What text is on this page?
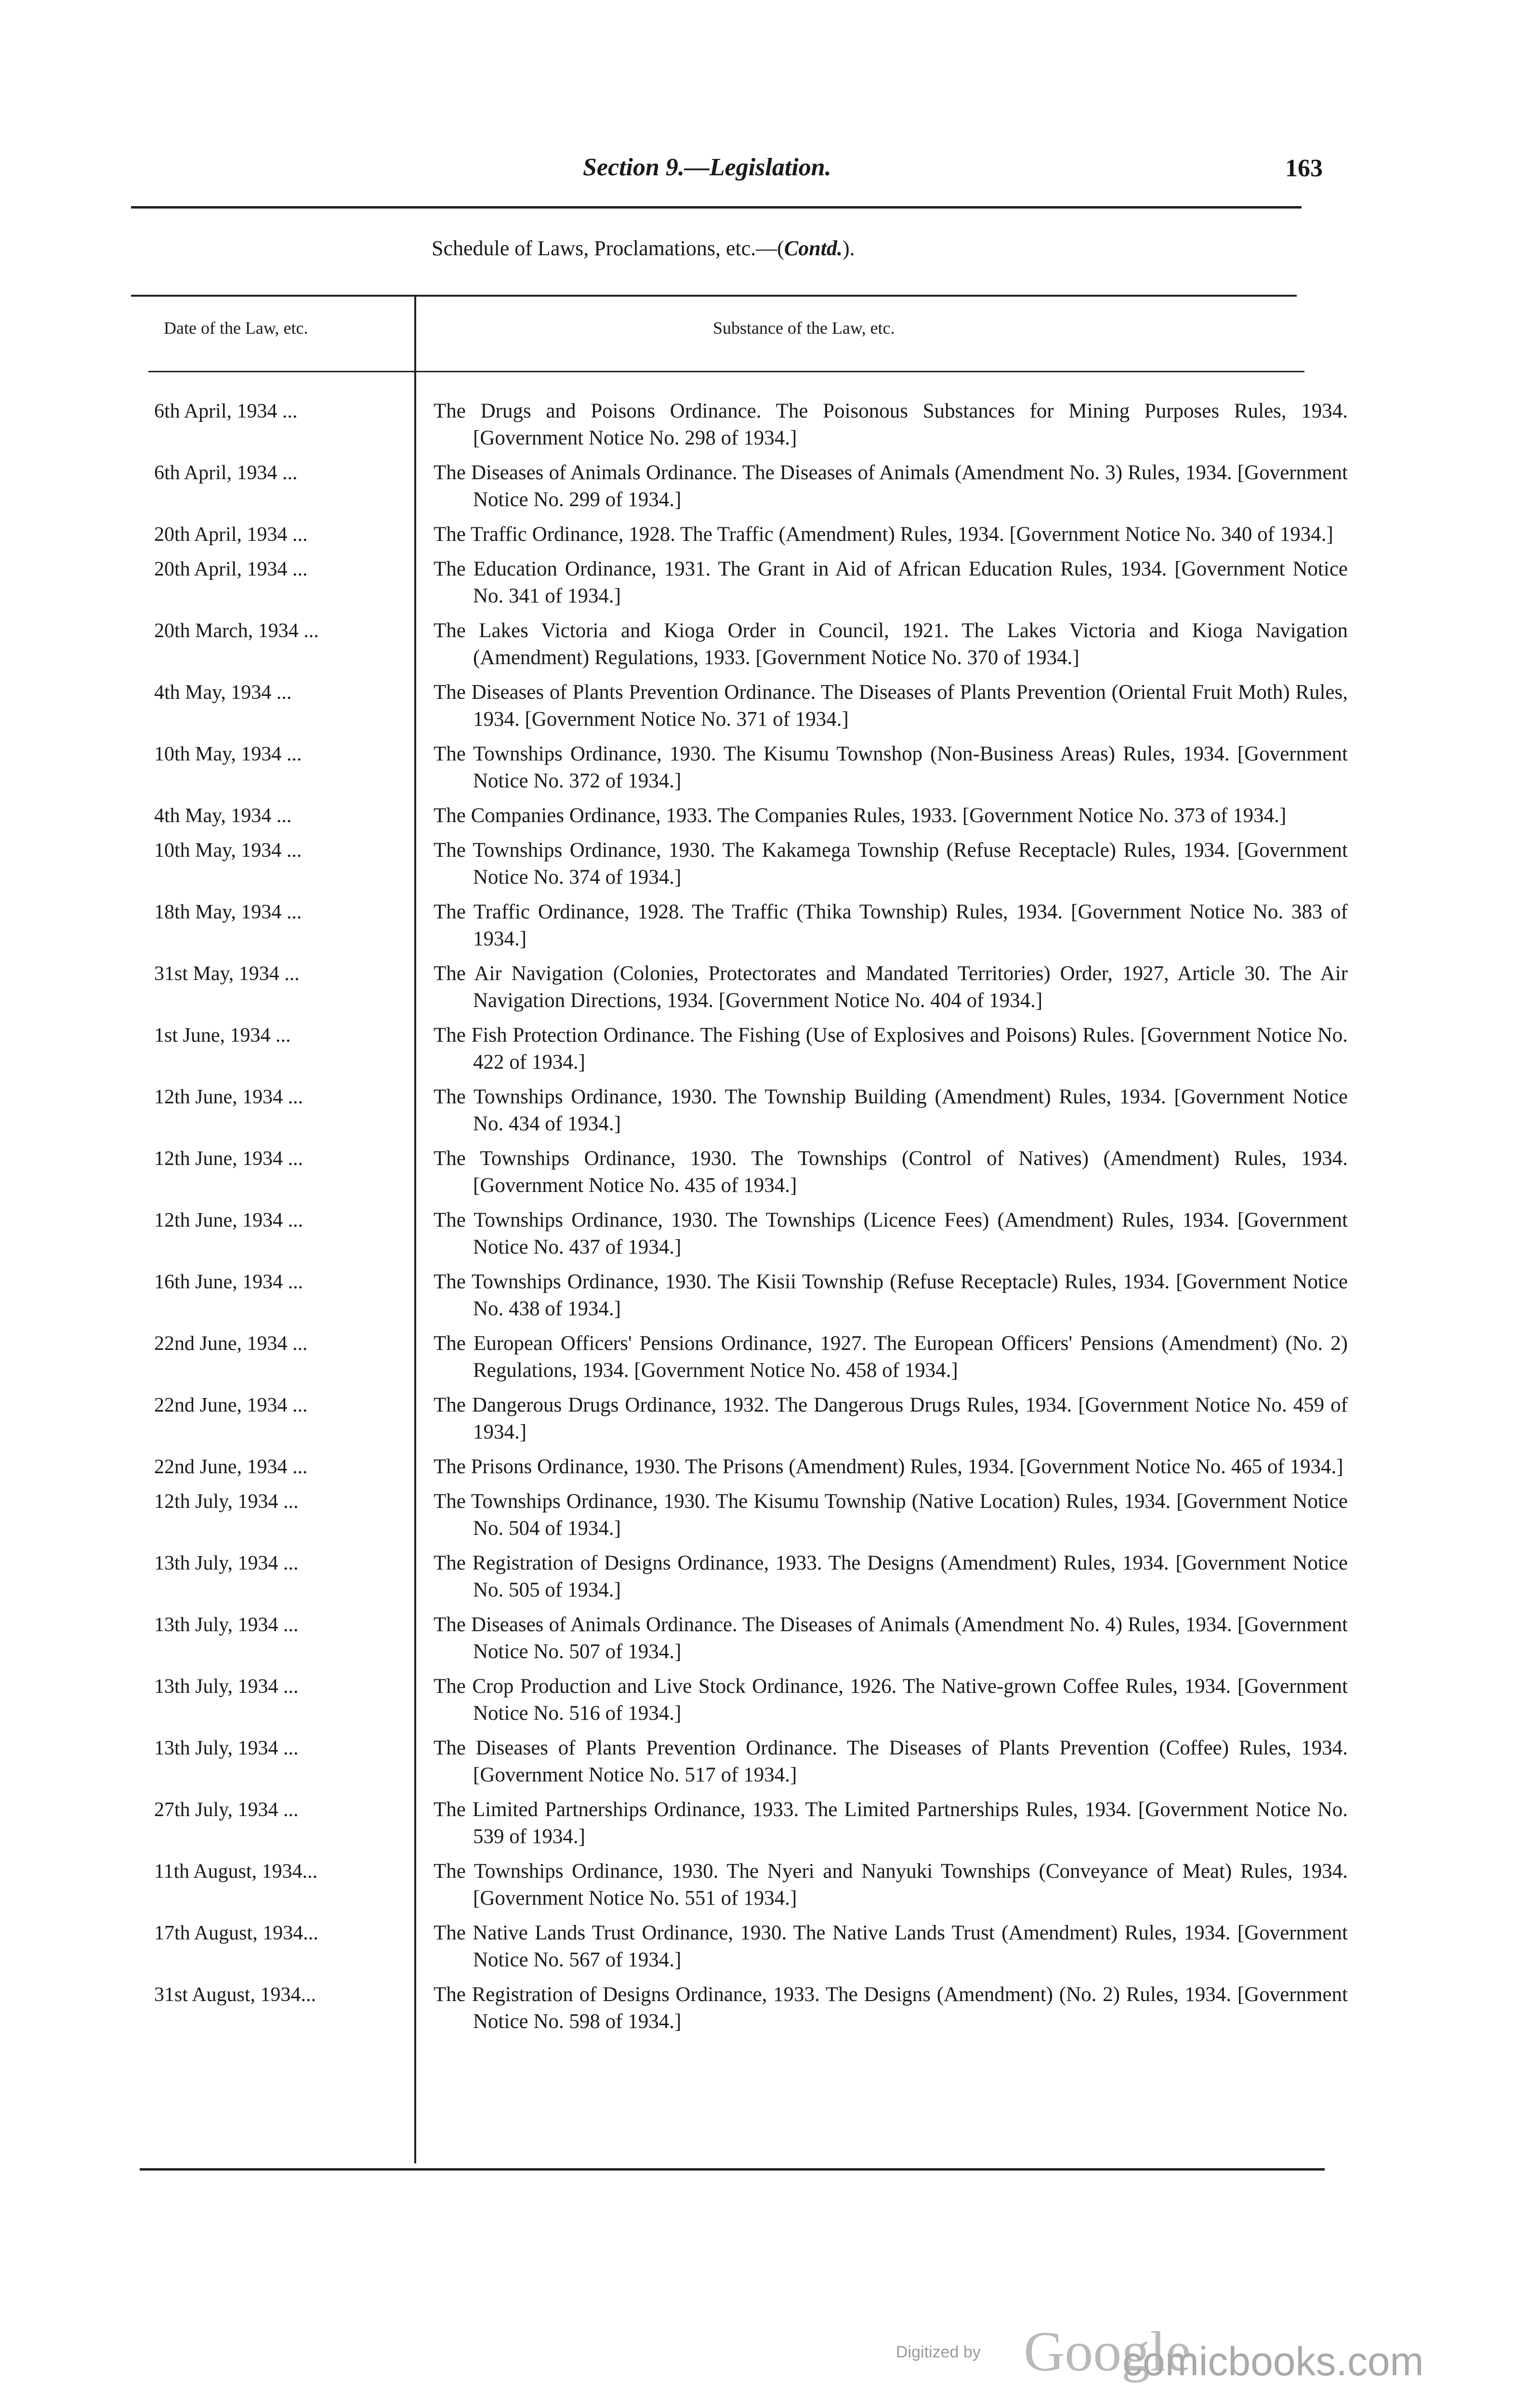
Section 9.—Legislation.	163
Schedule of Laws, Proclamations, etc.—(Contd.).
Date of the Law, etc.	Substance of the Law, etc.
6th April, 1934 ...	The Drugs and Poisons Ordinance. The Poisonous Substances for Mining Purposes Rules, 1934. [Government Notice No. 298 of 1934.]
6th April, 1934 ...	The Diseases of Animals Ordinance. The Diseases of Animals (Amendment No. 3) Rules, 1934. [Government Notice No. 299 of 1934.]
20th April, 1934 ...	The Traffic Ordinance, 1928. The Traffic (Amendment) Rules, 1934. [Government Notice No. 340 of 1934.]
20th April, 1934 ...	The Education Ordinance, 1931. The Grant in Aid of African Education Rules, 1934. [Government Notice No. 341 of 1934.]
20th March, 1934 ...	The Lakes Victoria and Kioga Order in Council, 1921. The Lakes Victoria and Kioga Navigation (Amendment) Regulations, 1933. [Government Notice No. 370 of 1934.]
4th May, 1934 ...	The Diseases of Plants Prevention Ordinance. The Diseases of Plants Prevention (Oriental Fruit Moth) Rules, 1934. [Government Notice No. 371 of 1934.]
10th May, 1934 ...	The Townships Ordinance, 1930. The Kisumu Townshop (Non-Business Areas) Rules, 1934. [Government Notice No. 372 of 1934.]
4th May, 1934 ...	The Companies Ordinance, 1933. The Companies Rules, 1933. [Government Notice No. 373 of 1934.]
10th May, 1934 ...	The Townships Ordinance, 1930. The Kakamega Township (Refuse Receptacle) Rules, 1934. [Government Notice No. 374 of 1934.]
18th May, 1934 ...	The Traffic Ordinance, 1928. The Traffic (Thika Township) Rules, 1934. [Government Notice No. 383 of 1934.]
31st May, 1934 ...	The Air Navigation (Colonies, Protectorates and Mandated Territories) Order, 1927, Article 30. The Air Navigation Directions, 1934. [Government Notice No. 404 of 1934.]
1st June, 1934 ...	The Fish Protection Ordinance. The Fishing (Use of Explosives and Poisons) Rules. [Government Notice No. 422 of 1934.]
12th June, 1934 ...	The Townships Ordinance, 1930. The Township Building (Amendment) Rules, 1934. [Government Notice No. 434 of 1934.]
12th June, 1934 ...	The Townships Ordinance, 1930. The Townships (Control of Natives) (Amendment) Rules, 1934. [Government Notice No. 435 of 1934.]
12th June, 1934 ...	The Townships Ordinance, 1930. The Townships (Licence Fees) (Amendment) Rules, 1934. [Government Notice No. 437 of 1934.]
16th June, 1934 ...	The Townships Ordinance, 1930. The Kisii Township (Refuse Receptacle) Rules, 1934. [Government Notice No. 438 of 1934.]
22nd June, 1934 ...	The European Officers' Pensions Ordinance, 1927. The European Officers' Pensions (Amendment) (No. 2) Regulations, 1934. [Government Notice No. 458 of 1934.]
22nd June, 1934 ...	The Dangerous Drugs Ordinance, 1932. The Dangerous Drugs Rules, 1934. [Government Notice No. 459 of 1934.]
22nd June, 1934 ...	The Prisons Ordinance, 1930. The Prisons (Amendment) Rules, 1934. [Government Notice No. 465 of 1934.]
12th July, 1934 ...	The Townships Ordinance, 1930. The Kisumu Township (Native Location) Rules, 1934. [Government Notice No. 504 of 1934.]
13th July, 1934 ...	The Registration of Designs Ordinance, 1933. The Designs (Amendment) Rules, 1934. [Government Notice No. 505 of 1934.]
13th July, 1934 ...	The Diseases of Animals Ordinance. The Diseases of Animals (Amendment No. 4) Rules, 1934. [Government Notice No. 507 of 1934.]
13th July, 1934 ...	The Crop Production and Live Stock Ordinance, 1926. The Native-grown Coffee Rules, 1934. [Government Notice No. 516 of 1934.]
13th July, 1934 ...	The Diseases of Plants Prevention Ordinance. The Diseases of Plants Prevention (Coffee) Rules, 1934. [Government Notice No. 517 of 1934.]
27th July, 1934 ...	The Limited Partnerships Ordinance, 1933. The Limited Partnerships Rules, 1934. [Government Notice No. 539 of 1934.]
11th August, 1934...	The Townships Ordinance, 1930. The Nyeri and Nanyuki Townships (Conveyance of Meat) Rules, 1934. [Government Notice No. 551 of 1934.]
17th August, 1934...	The Native Lands Trust Ordinance, 1930. The Native Lands Trust (Amendment) Rules, 1934. [Government Notice No. 567 of 1934.]
31st August, 1934...	The Registration of Designs Ordinance, 1933. The Designs (Amendment) (No. 2) Rules, 1934. [Government Notice No. 598 of 1934.]
Digitized by Google
comicbooks.com
